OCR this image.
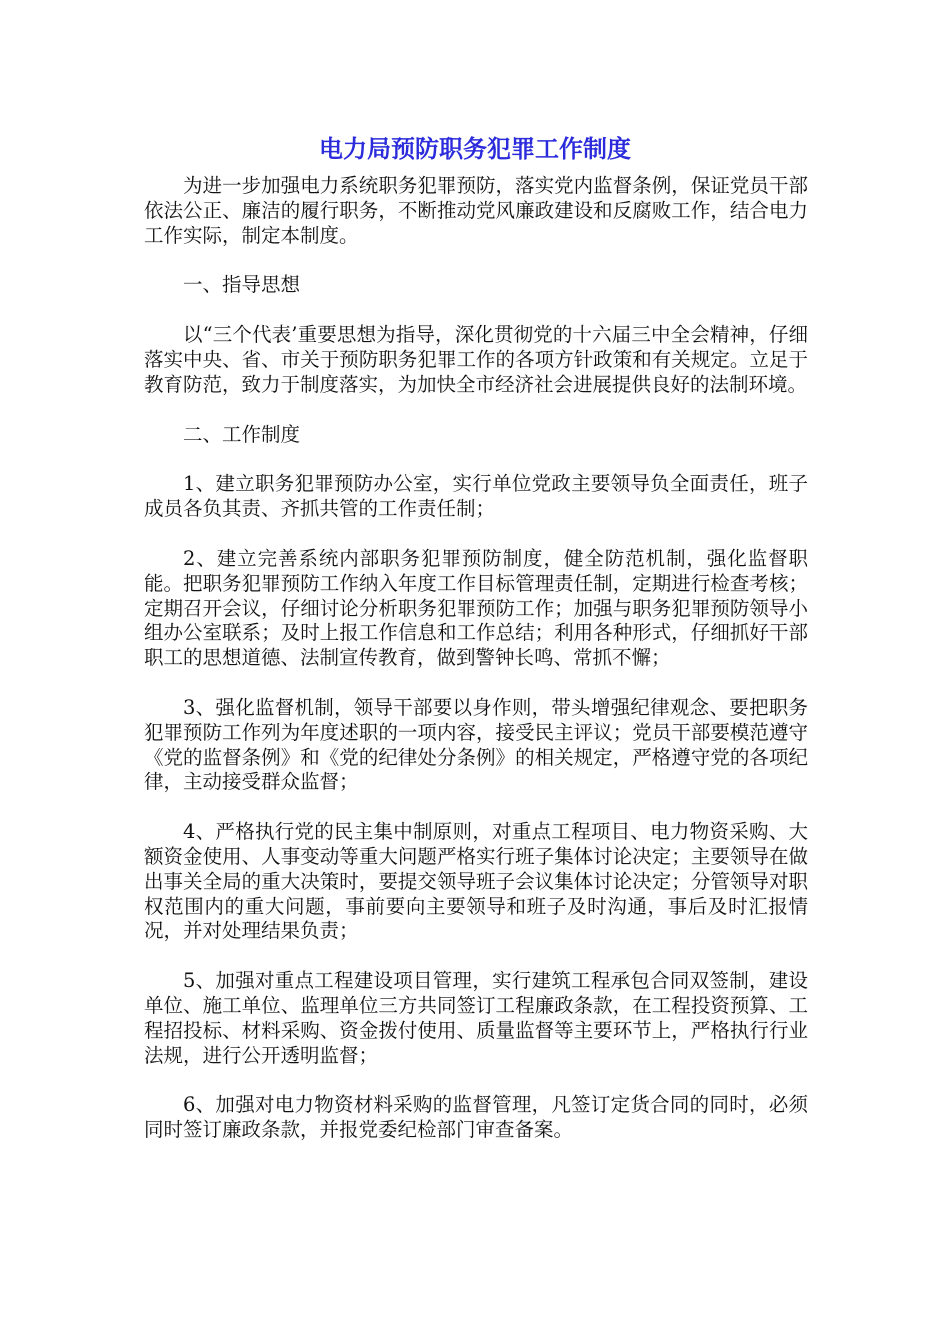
电力局预防职务犯罪工作制度

为进一步加强电力系统职务犯罪预防，落实党内监督条例，保证党员干部依法公正、廉洁的履行职务，不断推动党风廉政建设和反腐败工作，结合电力工作实际，制定本制度。

一、指导思想

以“三个代表’重要思想为指导，深化贯彻党的十六届三中全会精神，仔细落实中央、省、市关于预防职务犯罪工作的各项方针政策和有关规定。立足于教育防范，致力于制度落实，为加快全市经济社会进展提供良好的法制环境。

二、工作制度

1、建立职务犯罪预防办公室，实行单位党政主要领导负全面责任，班子成员各负其责、齐抓共管的工作责任制；

2、建立完善系统内部职务犯罪预防制度，健全防范机制，强化监督职能。把职务犯罪预防工作纳入年度工作目标管理责任制，定期进行检查考核；定期召开会议，仔细讨论分析职务犯罪预防工作；加强与职务犯罪预防领导小组办公室联系；及时上报工作信息和工作总结；利用各种形式，仔细抓好干部职工的思想道德、法制宣传教育，做到警钟长鸣、常抓不懈；

3、强化监督机制，领导干部要以身作则，带头增强纪律观念、要把职务犯罪预防工作列为年度述职的一项内容，接受民主评议；党员干部要模范遵守《党的监督条例》和《党的纪律处分条例》的相关规定，严格遵守党的各项纪律，主动接受群众监督；

4、严格执行党的民主集中制原则，对重点工程项目、电力物资采购、大额资金使用、人事变动等重大问题严格实行班子集体讨论决定；主要领导在做出事关全局的重大决策时，要提交领导班子会议集体讨论决定；分管领导对职权范围内的重大问题，事前要向主要领导和班子及时沟通，事后及时汇报情况，并对处理结果负责；

5、加强对重点工程建设项目管理，实行建筑工程承包合同双签制，建设单位、施工单位、监理单位三方共同签订工程廉政条款，在工程投资预算、工程招投标、材料采购、资金拨付使用、质量监督等主要环节上，严格执行行业法规，进行公开透明监督；

6、加强对电力物资材料采购的监督管理，凡签订定货合同的同时，必须同时签订廉政条款，并报党委纪检部门审查备案。
